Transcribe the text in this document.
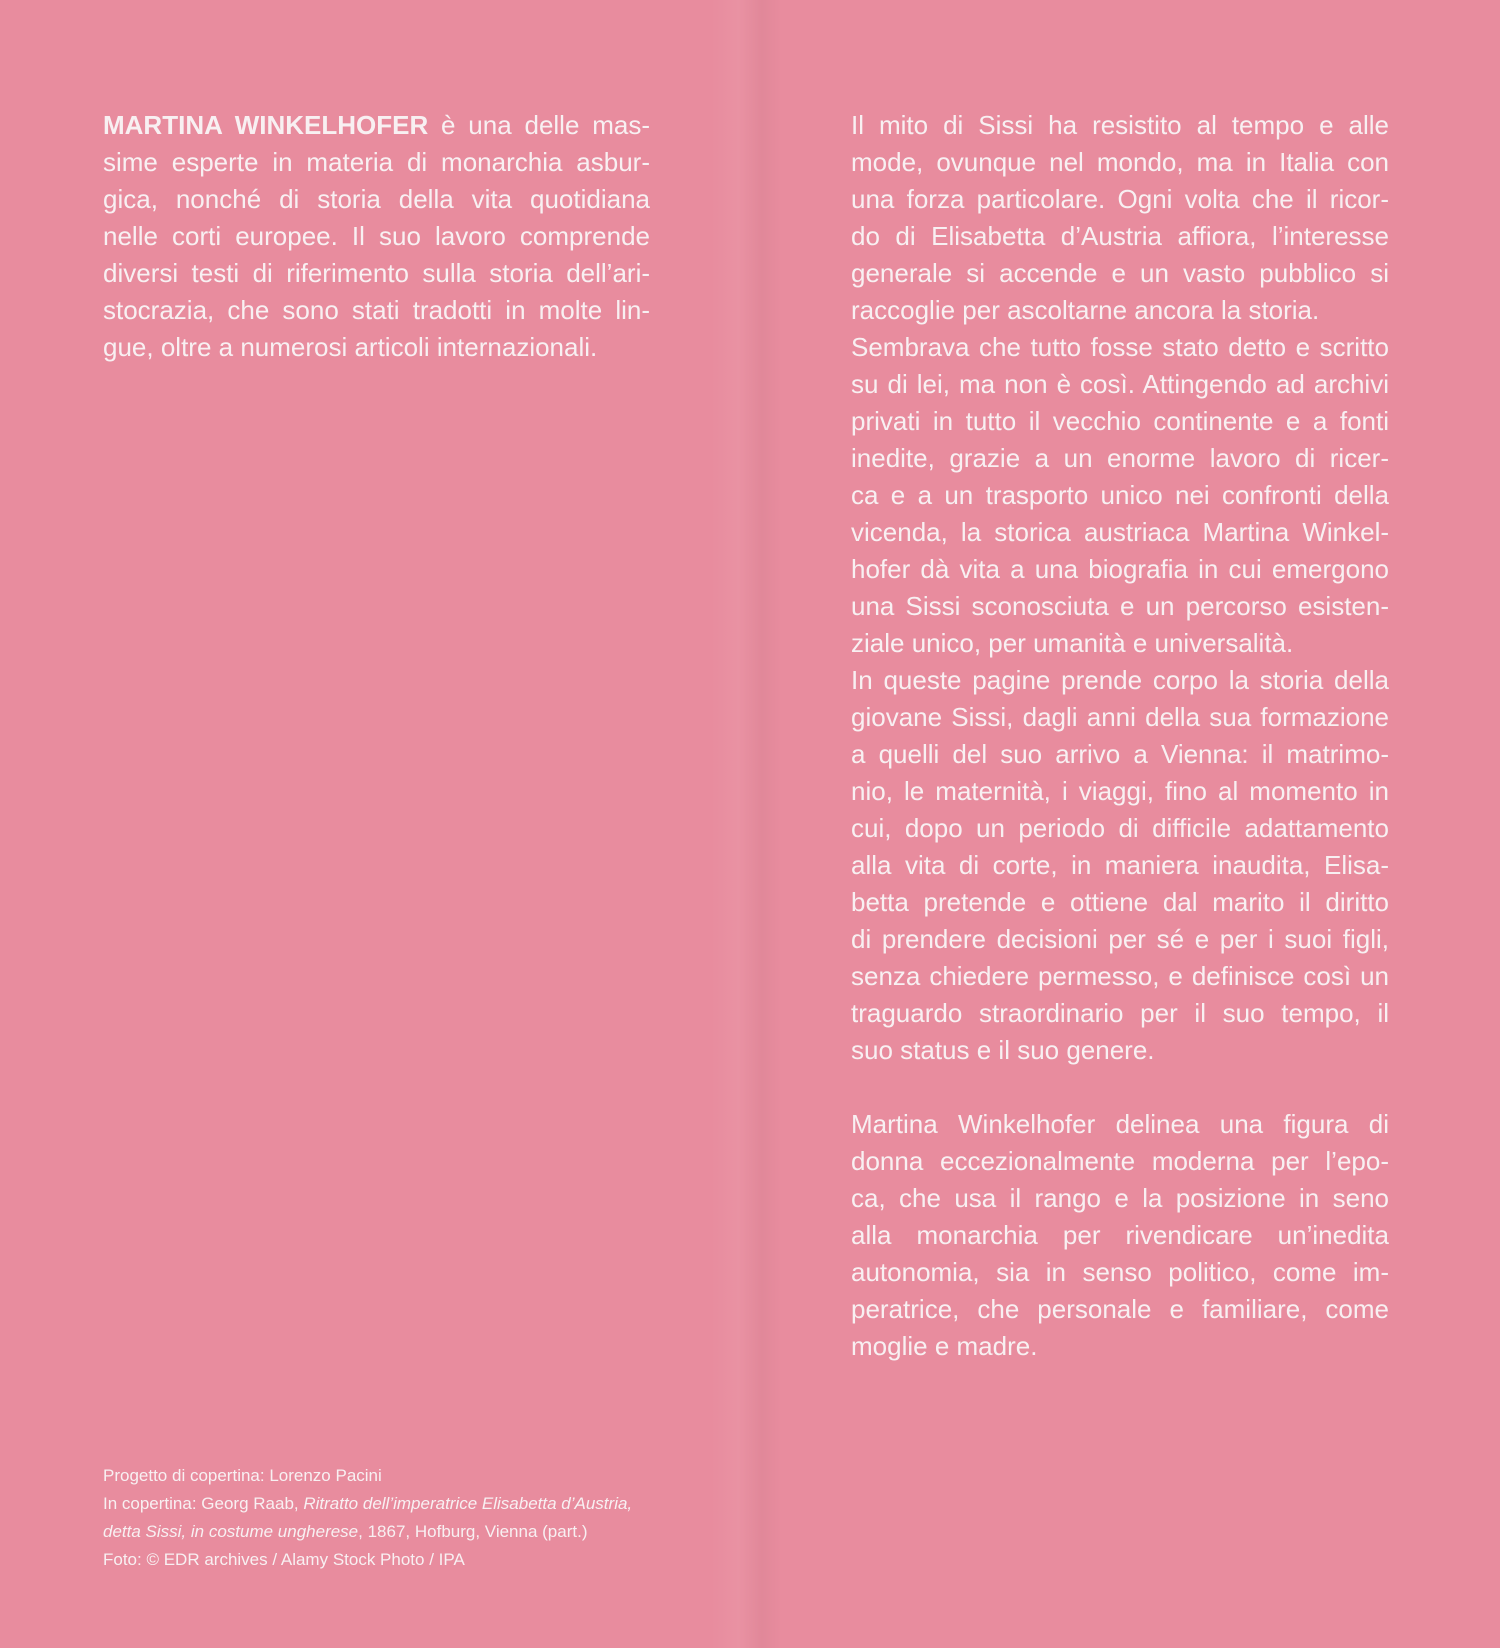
MARTINA WINKELHOFER è una delle mas-
sime esperte in materia di monarchia asbur-
gica, nonché di storia della vita quotidiana
nelle corti europee. Il suo lavoro comprende
diversi testi di riferimento sulla storia dell’ari-
stocrazia, che sono stati tradotti in molte lin-
gue, oltre a numerosi articoli internazionali.
Il mito di Sissi ha resistito al tempo e alle
mode, ovunque nel mondo, ma in Italia con
una forza particolare. Ogni volta che il ricor-
do di Elisabetta d’Austria affiora, l’interesse
generale si accende e un vasto pubblico si
raccoglie per ascoltarne ancora la storia.
Sembrava che tutto fosse stato detto e scritto
su di lei, ma non è così. Attingendo ad archivi
privati in tutto il vecchio continente e a fonti
inedite, grazie a un enorme lavoro di ricer-
ca e a un trasporto unico nei confronti della
vicenda, la storica austriaca Martina Winkel-
hofer dà vita a una biografia in cui emergono
una Sissi sconosciuta e un percorso esisten-
ziale unico, per umanità e universalità.
In queste pagine prende corpo la storia della
giovane Sissi, dagli anni della sua formazione
a quelli del suo arrivo a Vienna: il matrimo-
nio, le maternità, i viaggi, fino al momento in
cui, dopo un periodo di difficile adattamento
alla vita di corte, in maniera inaudita, Elisa-
betta pretende e ottiene dal marito il diritto
di prendere decisioni per sé e per i suoi figli,
senza chiedere permesso, e definisce così un
traguardo straordinario per il suo tempo, il
suo status e il suo genere.
Martina Winkelhofer delinea una figura di
donna eccezionalmente moderna per l’epo-
ca, che usa il rango e la posizione in seno
alla monarchia per rivendicare un’inedita
autonomia, sia in senso politico, come im-
peratrice, che personale e familiare, come
moglie e madre.
Progetto di copertina: Lorenzo Pacini
In copertina: Georg Raab, Ritratto dell’imperatrice Elisabetta d’Austria,
detta Sissi, in costume ungherese, 1867, Hofburg, Vienna (part.)
Foto: © EDR archives / Alamy Stock Photo / IPA
